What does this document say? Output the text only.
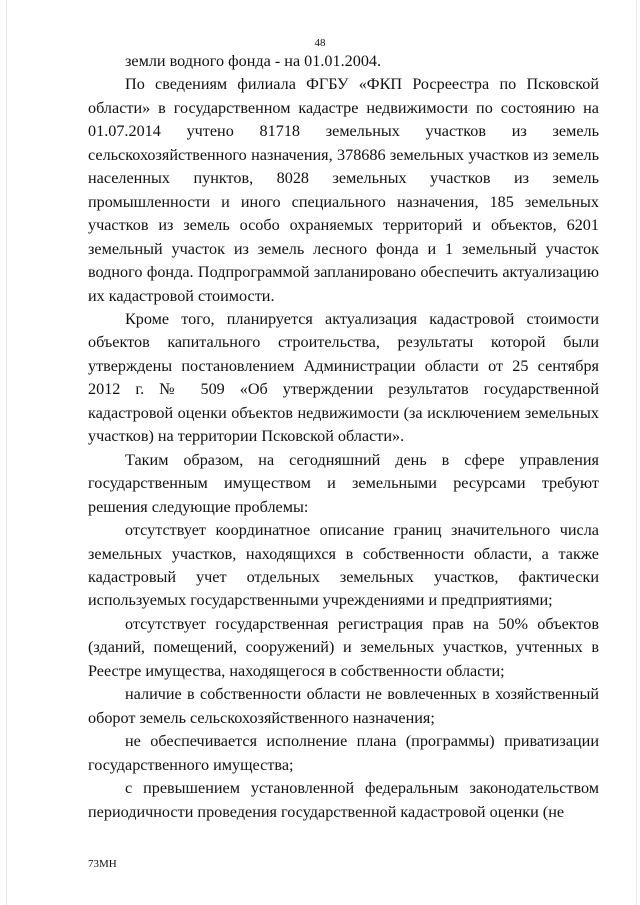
48

земли водного фонда - на 01.01.2004.

По сведениям филиала ФГБУ «ФКП Росреестра по Псковской области» в государственном кадастре недвижимости по состоянию на 01.07.2014 учтено 81718 земельных участков из земель сельскохозяйственного назначения, 378686 земельных участков из земель населенных пунктов, 8028 земельных участков из земель промышленности и иного специального назначения, 185 земельных участков из земель особо охраняемых территорий и объектов, 6201 земельный участок из земель лесного фонда и 1 земельный участок водного фонда. Подпрограммой запланировано обеспечить актуализацию их кадастровой стоимости.

Кроме того, планируется актуализация кадастровой стоимости объектов капитального строительства, результаты которой были утверждены постановлением Администрации области от 25 сентября 2012 г. № 509 «Об утверждении результатов государственной кадастровой оценки объектов недвижимости (за исключением земельных участков) на территории Псковской области».

Таким образом, на сегодняшний день в сфере управления государственным имуществом и земельными ресурсами требуют решения следующие проблемы:

отсутствует координатное описание границ значительного числа земельных участков, находящихся в собственности области, а также кадастровый учет отдельных земельных участков, фактически используемых государственными учреждениями и предприятиями;

отсутствует государственная регистрация прав на 50% объектов (зданий, помещений, сооружений) и земельных участков, учтенных в Реестре имущества, находящегося в собственности области;

наличие в собственности области не вовлеченных в хозяйственный оборот земель сельскохозяйственного назначения;

не обеспечивается исполнение плана (программы) приватизации государственного имущества;

с превышением установленной федеральным законодательством периодичности проведения государственной кадастровой оценки (не

73МН
